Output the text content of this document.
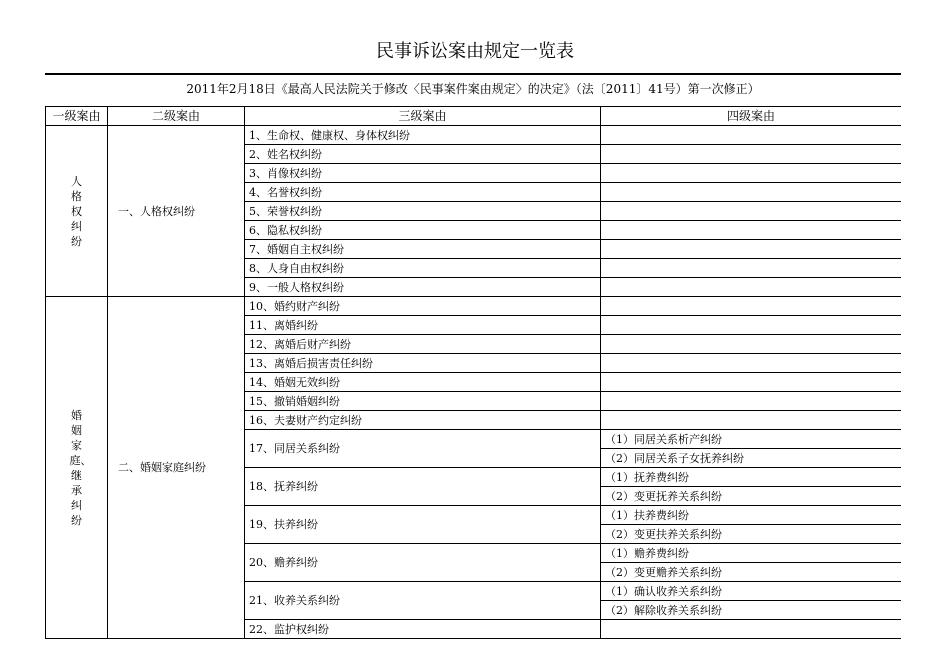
民事诉讼案由规定一览表
2011年2月18日《最高人民法院关于修改〈民事案件案由规定〉的决定》（法〔2011〕41号）第一次修正）
一级案由	二级案由	三级案由	四级案由
人格权纠纷	一、人格权纠纷	1、生命权、健康权、身体权纠纷	
		2、姓名权纠纷	
		3、肖像权纠纷	
		4、名誉权纠纷	
		5、荣誉权纠纷	
		6、隐私权纠纷	
		7、婚姻自主权纠纷	
		8、人身自由权纠纷	
		9、一般人格权纠纷	
婚姻家庭、继承纠纷	二、婚姻家庭纠纷	10、婚约财产纠纷	
		11、离婚纠纷	
		12、离婚后财产纠纷	
		13、离婚后损害责任纠纷	
		14、婚姻无效纠纷	
		15、撤销婚姻纠纷	
		16、夫妻财产约定纠纷	
		17、同居关系纠纷	（1）同居关系析产纠纷
			（2）同居关系子女抚养纠纷
		18、抚养纠纷	（1）抚养费纠纷
			（2）变更抚养关系纠纷
		19、扶养纠纷	（1）扶养费纠纷
			（2）变更扶养关系纠纷
		20、赡养纠纷	（1）赡养费纠纷
			（2）变更赡养关系纠纷
		21、收养关系纠纷	（1）确认收养关系纠纷
			（2）解除收养关系纠纷
		22、监护权纠纷	
